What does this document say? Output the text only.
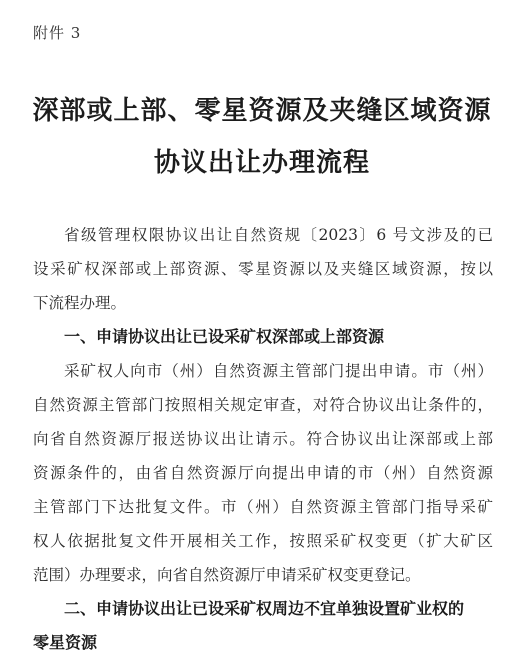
附件 3
深部或上部、零星资源及夹缝区域资源
协议出让办理流程
省级管理权限协议出让自然资规〔2023〕6 号文涉及的已
设采矿权深部或上部资源、零星资源以及夹缝区域资源，按以
下流程办理。
一、申请协议出让已设采矿权深部或上部资源
采矿权人向市（州）自然资源主管部门提出申请。市（州）
自然资源主管部门按照相关规定审查，对符合协议出让条件的，
向省自然资源厅报送协议出让请示。符合协议出让深部或上部
资源条件的，由省自然资源厅向提出申请的市（州）自然资源
主管部门下达批复文件。市（州）自然资源主管部门指导采矿
权人依据批复文件开展相关工作，按照采矿权变更（扩大矿区
范围）办理要求，向省自然资源厅申请采矿权变更登记。
二、申请协议出让已设采矿权周边不宜单独设置矿业权的
零星资源
